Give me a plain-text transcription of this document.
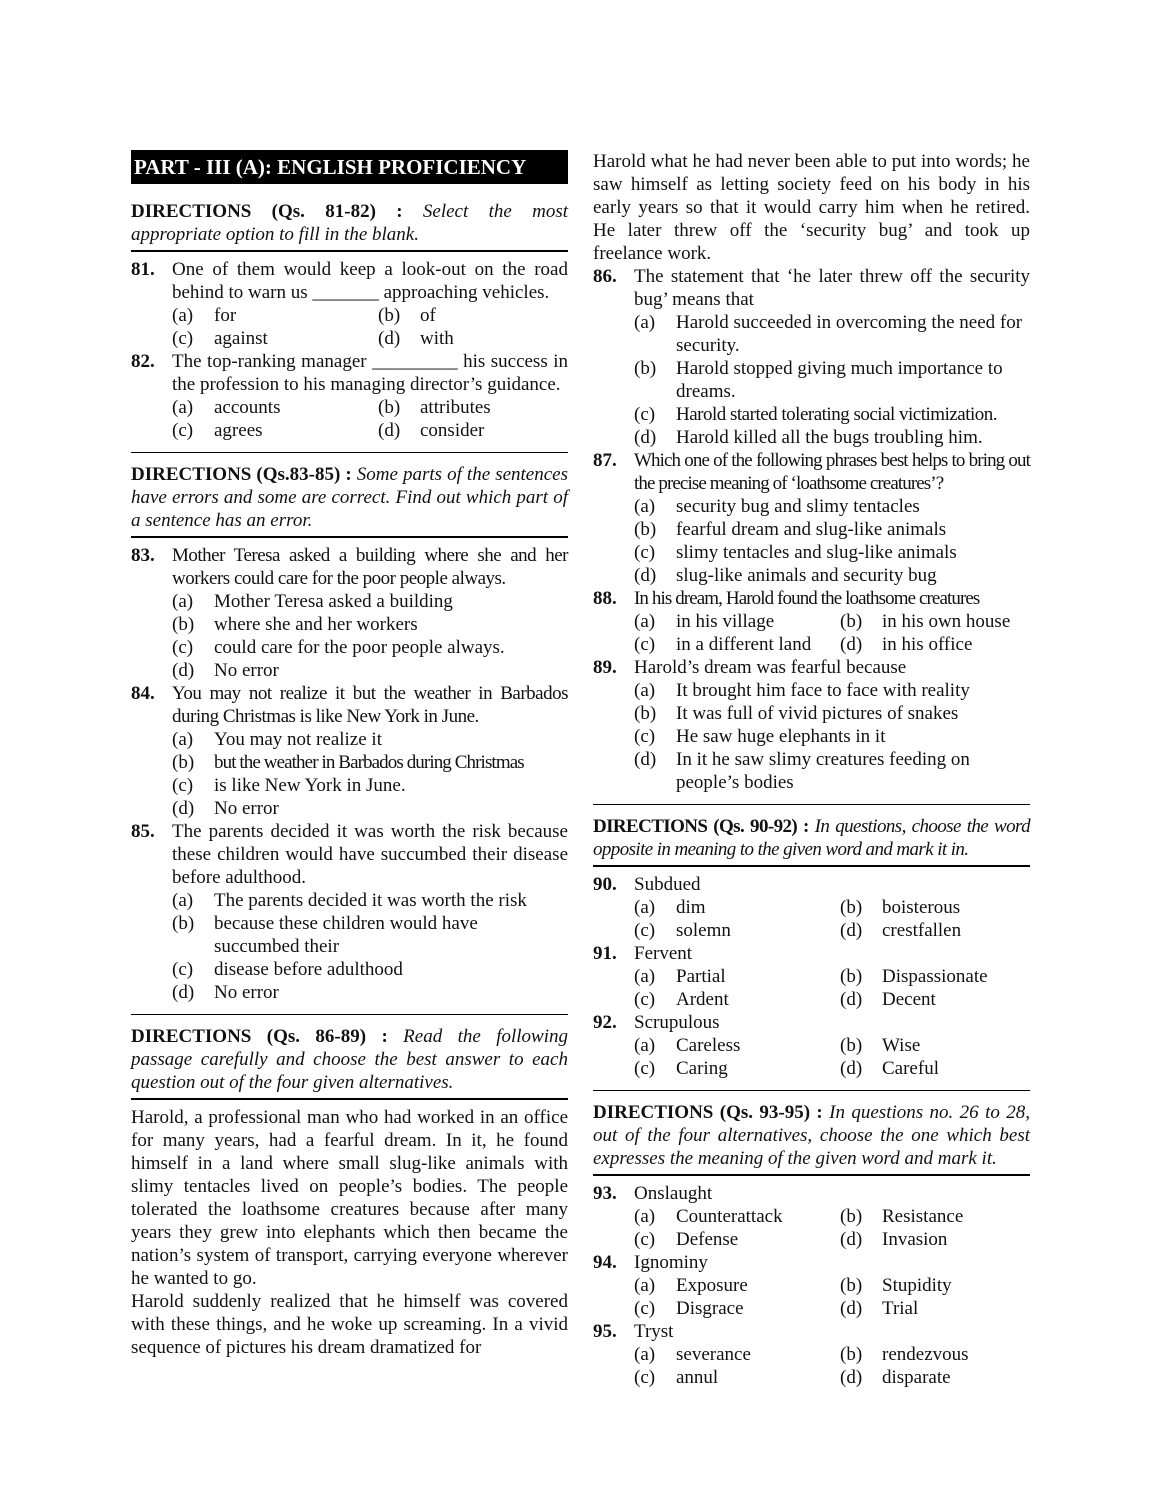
PART - III (A): ENGLISH PROFICIENCY
DIRECTIONS (Qs. 81-82) : Select the most appropriate option to fill in the blank.
81. One of them would keep a look-out on the road behind to warn us _______ approaching vehicles.
(a)	for	(b)	of
(c)	against	(d)	with
82. The top-ranking manager _________ his success in the profession to his managing director’s guidance.
(a)	accounts	(b)	attributes
(c)	agrees	(d)	consider
DIRECTIONS (Qs.83-85) : Some parts of the sentences have errors and some are correct. Find out which part of a sentence has an error.
83. Mother Teresa asked a building where she and her workers could care for the poor people always.
(a)	Mother Teresa asked a building
(b)	where she and her workers
(c)	could care for the poor people always.
(d)	No error
84. You may not realize it but the weather in Barbados during Christmas is like New York in June.
(a)	You may not realize it
(b)	but the weather in Barbados during Christmas
(c)	is like New York in June.
(d)	No error
85. The parents decided it was worth the risk because these children would have succumbed their disease before adulthood.
(a)	The parents decided it was worth the risk
(b)	because these children would have succumbed their
(c)	disease before adulthood
(d)	No error
DIRECTIONS (Qs. 86-89) : Read the following passage carefully and choose the best answer to each question out of the four given alternatives.
Harold, a professional man who had worked in an office for many years, had a fearful dream. In it, he found himself in a land where small slug-like animals with slimy tentacles lived on people’s bodies. The people tolerated the loathsome creatures because after many years they grew into elephants which then became the nation’s system of transport, carrying everyone wherever he wanted to go.
Harold suddenly realized that he himself was covered with these things, and he woke up screaming. In a vivid sequence of pictures his dream dramatized for
Harold what he had never been able to put into words; he saw himself as letting society feed on his body in his early years so that it would carry him when he retired. He later threw off the ‘security bug’ and took up freelance work.
86. The statement that ‘he later threw off the security bug’ means that
(a)	Harold succeeded in overcoming the need for security.
(b)	Harold stopped giving much importance to dreams.
(c)	Harold started tolerating social victimization.
(d)	Harold killed all the bugs troubling him.
87. Which one of the following phrases best helps to bring out the precise meaning of ‘loathsome creatures’?
(a)	security bug and slimy tentacles
(b)	fearful dream and slug-like animals
(c)	slimy tentacles and slug-like animals
(d)	slug-like animals and security bug
88. In his dream, Harold found the loathsome creatures
(a)	in his village	(b)	in his own house
(c)	in a different land (d)	in his office
89. Harold’s dream was fearful because
(a)	It brought him face to face with reality
(b)	It was full of vivid pictures of snakes
(c)	He saw huge elephants in it
(d)	In it he saw slimy creatures feeding on people’s bodies
DIRECTIONS (Qs. 90-92) : In questions, choose the word opposite in meaning to the given word and mark it in.
90. Subdued
(a)	dim	(b)	boisterous
(c)	solemn	(d)	crestfallen
91. Fervent
(a)	Partial	(b)	Dispassionate
(c)	Ardent	(d)	Decent
92. Scrupulous
(a)	Careless	(b)	Wise
(c)	Caring	(d)	Careful
DIRECTIONS (Qs. 93-95) : In questions no. 26 to 28, out of the four alternatives, choose the one which best expresses the meaning of the given word and mark it.
93. Onslaught
(a)	Counterattack	(b)	Resistance
(c)	Defense	(d)	Invasion
94. Ignominy
(a)	Exposure	(b)	Stupidity
(c)	Disgrace	(d)	Trial
95. Tryst
(a)	severance	(b)	rendezvous
(c)	annul	(d)	disparate
